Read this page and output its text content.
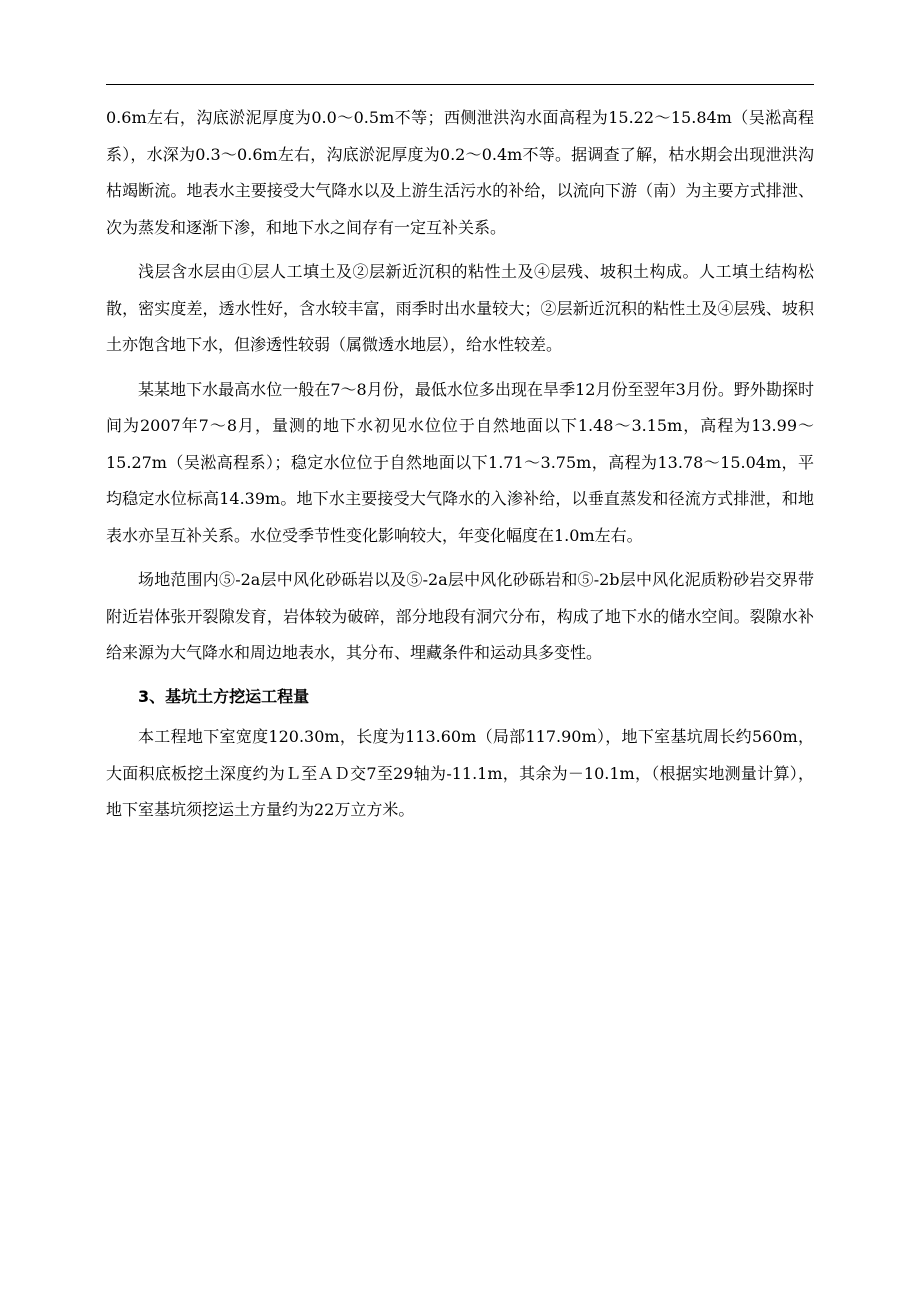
0.6m左右，沟底淤泥厚度为0.0～0.5m不等；西侧泄洪沟水面高程为15.22～15.84m（吴淞高程系），水深为0.3～0.6m左右，沟底淤泥厚度为0.2～0.4m不等。据调查了解，枯水期会出现泄洪沟枯竭断流。地表水主要接受大气降水以及上游生活污水的补给，以流向下游（南）为主要方式排泄、次为蒸发和逐渐下渗，和地下水之间存有一定互补关系。

浅层含水层由①层人工填土及②层新近沉积的粘性土及④层残、坡积土构成。人工填土结构松散，密实度差，透水性好，含水较丰富，雨季时出水量较大；②层新近沉积的粘性土及④层残、坡积土亦饱含地下水，但渗透性较弱（属微透水地层），给水性较差。

某某地下水最高水位一般在7～8月份，最低水位多出现在旱季12月份至翌年3月份。野外勘探时间为2007年7～8月，量测的地下水初见水位位于自然地面以下1.48～3.15m，高程为13.99～15.27m（吴淞高程系）；稳定水位位于自然地面以下1.71～3.75m，高程为13.78～15.04m，平均稳定水位标高14.39m。地下水主要接受大气降水的入渗补给，以垂直蒸发和径流方式排泄，和地表水亦呈互补关系。水位受季节性变化影响较大，年变化幅度在1.0m左右。

场地范围内⑤-2a层中风化砂砾岩以及⑤-2a层中风化砂砾岩和⑤-2b层中风化泥质粉砂岩交界带附近岩体张开裂隙发育，岩体较为破碎，部分地段有洞穴分布，构成了地下水的储水空间。裂隙水补给来源为大气降水和周边地表水，其分布、埋藏条件和运动具多变性。

3、基坑土方挖运工程量

本工程地下室宽度120.30m，长度为113.60m（局部117.90m），地下室基坑周长约560m，大面积底板挖土深度约为Ｌ至ＡＤ交7至29轴为-11.1m，其余为－10.1m，（根据实地测量计算），地下室基坑须挖运土方量约为22万立方米。
